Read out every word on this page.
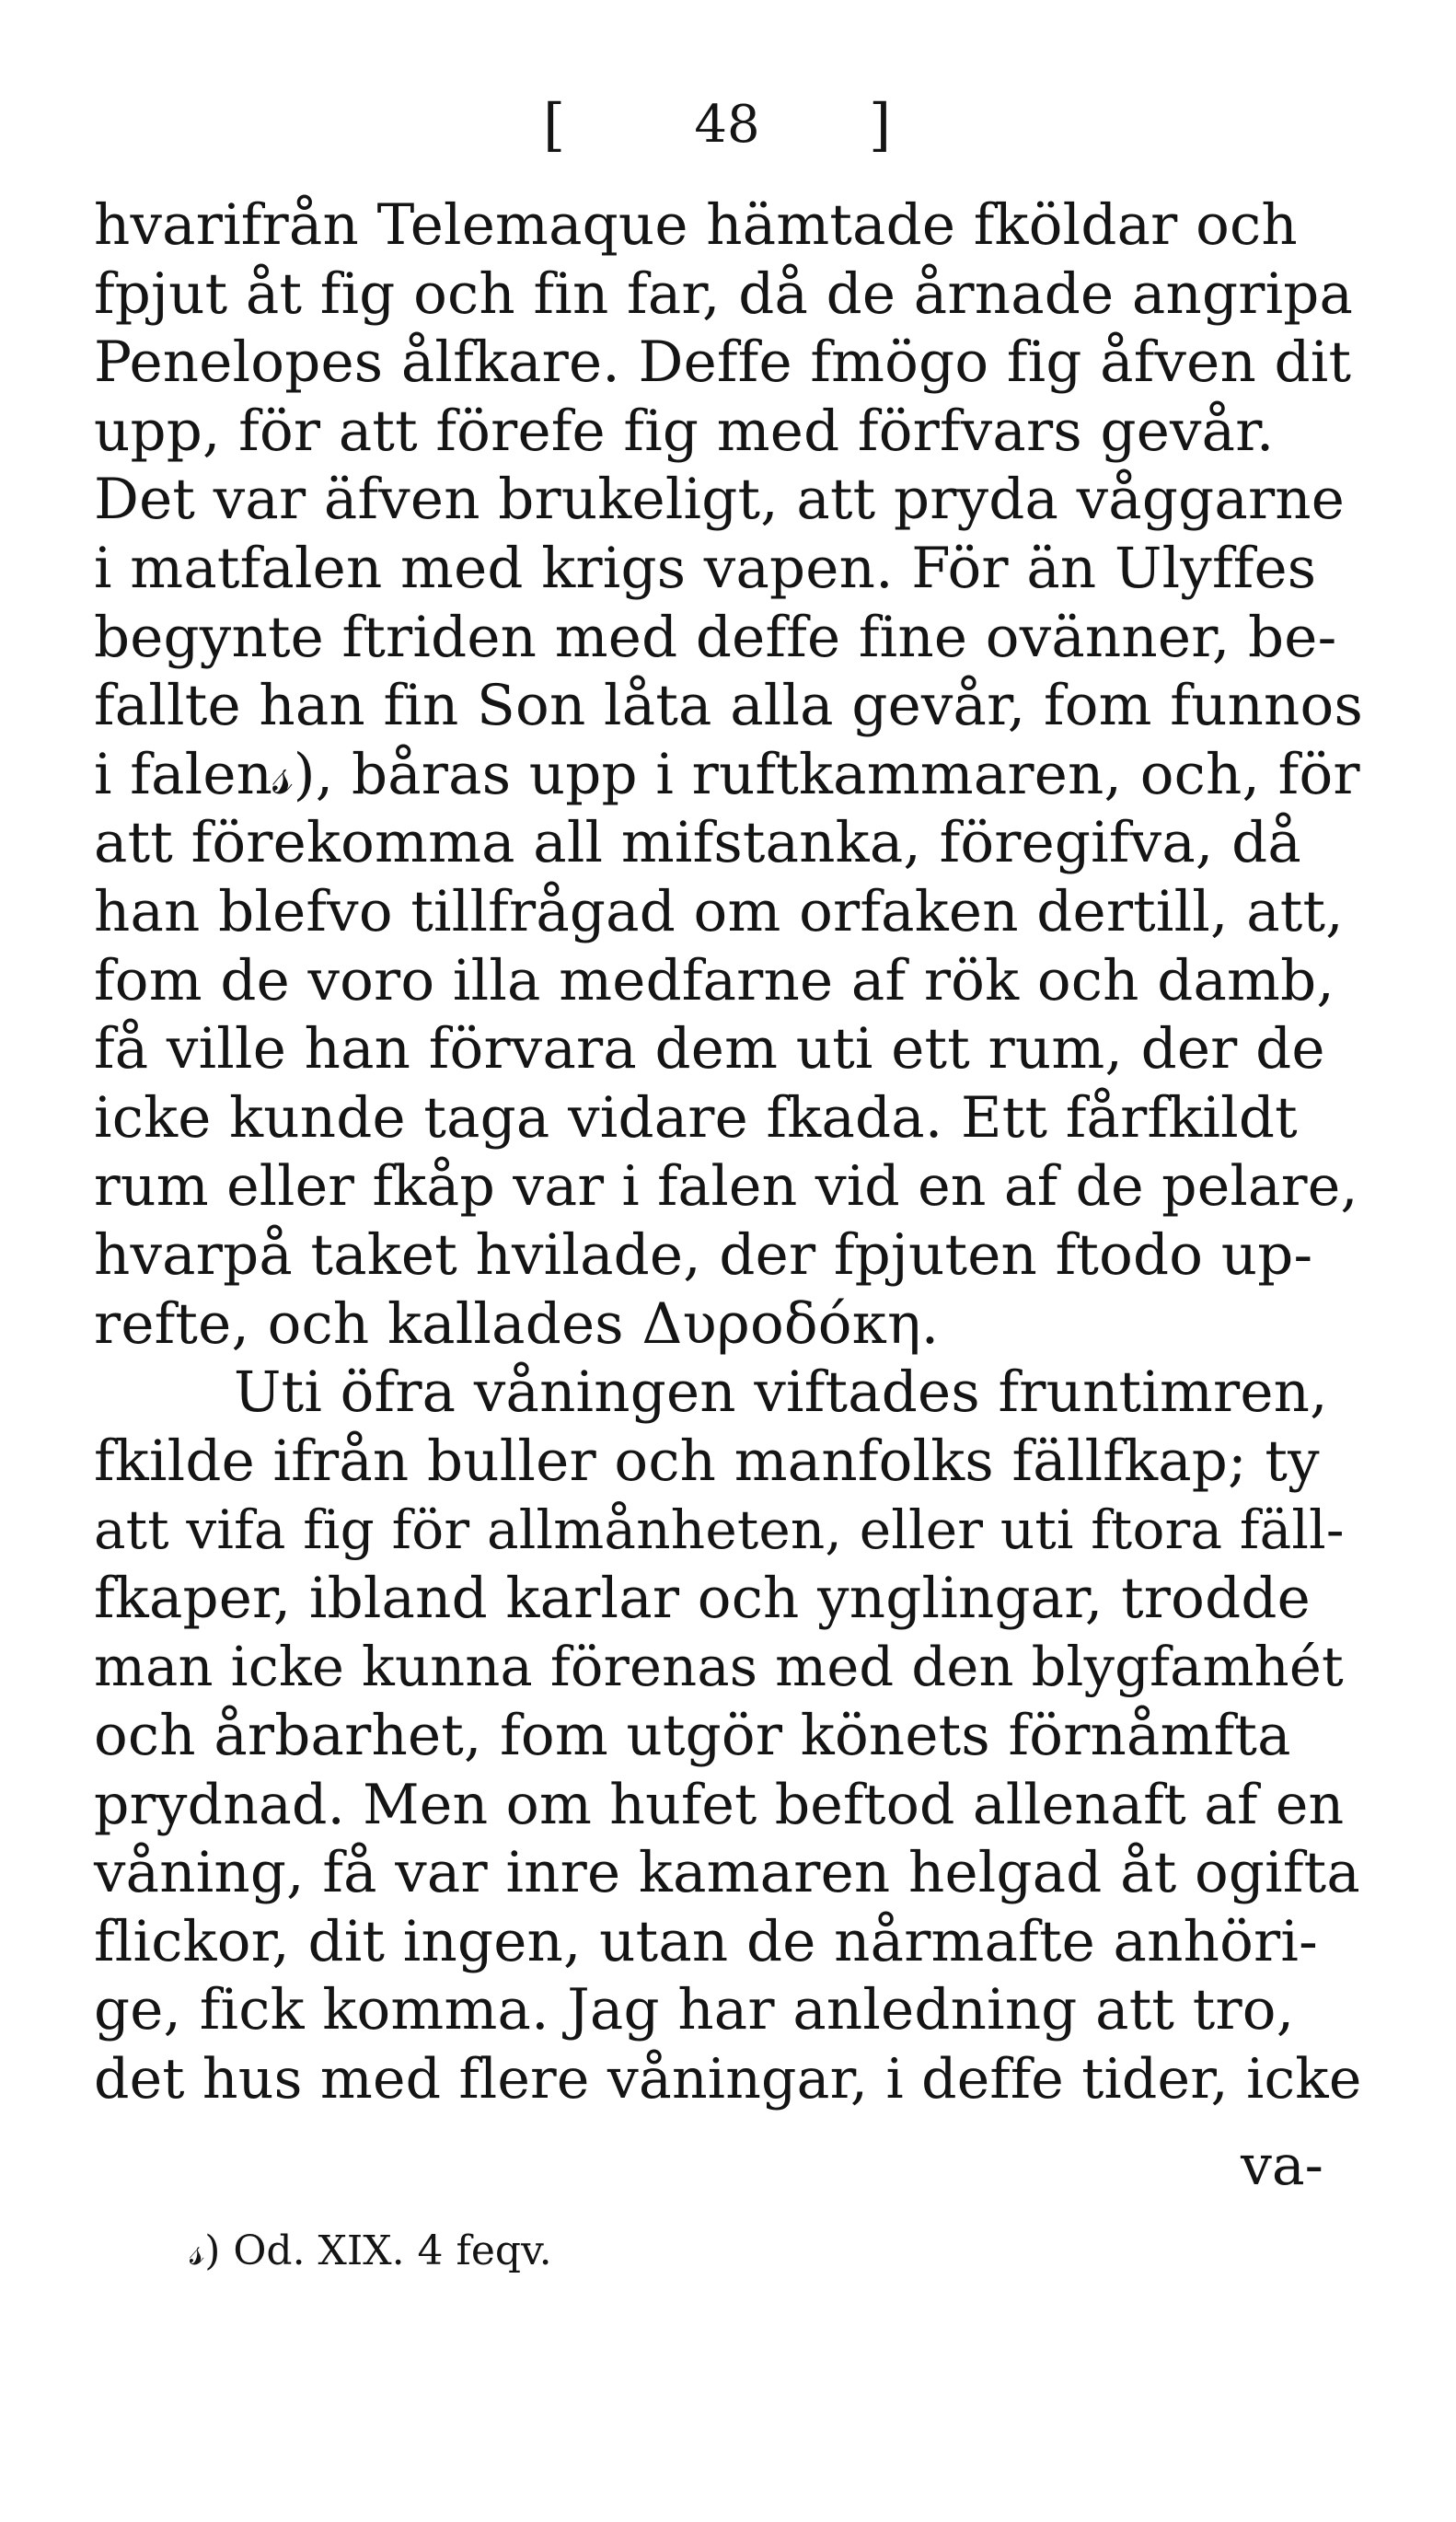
[	48	]
hvarifrån Telemaque hämtade fköldar och
fpjut åt fig och fin far, då de årnade angripa
Penelopes ålfkare. Deffe fmögo fig åfven dit
upp, för att förefe fig med förfvars gevår.
Det var äfven brukeligt, att pryda våggarne
i matfalen med krigs vapen. För än Ulyffes
begynte ftriden med deffe fine ovänner, be-
fallte han fin Son låta alla gevår, fom funnos
i falen𝓈), båras upp i ruftkammaren, och, för
att förekomma all mifstanka, föregifva, då
han blefvo tillfrågad om orfaken dertill, att,
fom de voro illa medfarne af rök och damb,
få ville han förvara dem uti ett rum, der de
icke kunde taga vidare fkada. Ett fårfkildt
rum eller fkåp var i falen vid en af de pelare,
hvarpå taket hvilade, der fpjuten ftodo up-
refte, och kallades Δυροδόκη.
Uti öfra våningen viftades fruntimren,
fkilde ifrån buller och manfolks fällfkap; ty
att vifa fig för allmånheten, eller uti ftora fäll-
fkaper, ibland karlar och ynglingar, trodde
man icke kunna förenas med den blygfamhét
och årbarhet, fom utgör könets förnåmfta
prydnad. Men om hufet beftod allenaft af en
våning, få var inre kamaren helgad åt ogifta
flickor, dit ingen, utan de nårmafte anhöri-
ge, fick komma. Jag har anledning att tro,
det hus med flere våningar, i deffe tider, icke
va-
𝓈) Od. XIX. 4 feqv.
